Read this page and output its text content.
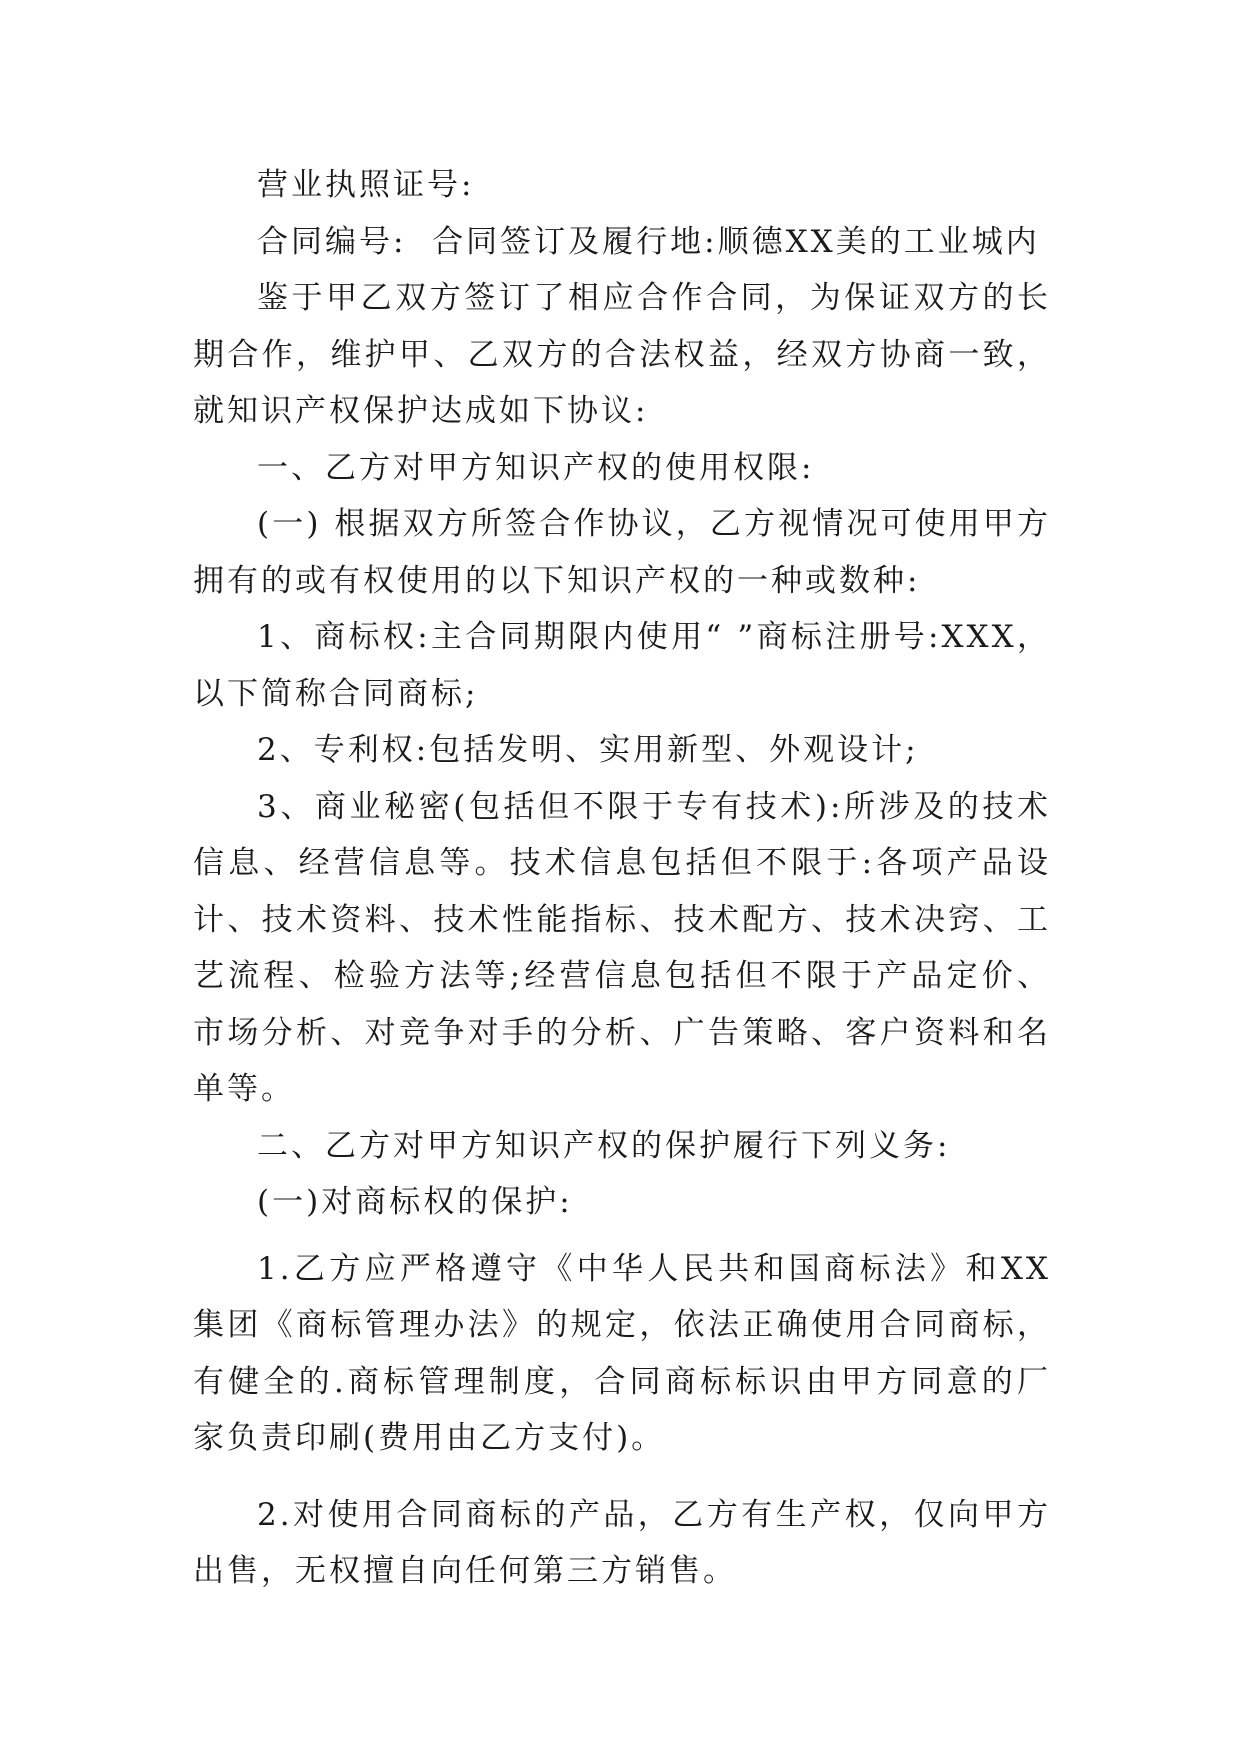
营业执照证号:

合同编号:  合同签订及履行地:顺德XX美的工业城内

鉴于甲乙双方签订了相应合作合同，为保证双方的长期合作，维护甲、乙双方的合法权益，经双方协商一致，就知识产权保护达成如下协议:

一、乙方对甲方知识产权的使用权限:

(一) 根据双方所签合作协议，乙方视情况可使用甲方拥有的或有权使用的以下知识产权的一种或数种:

1、商标权:主合同期限内使用“ ”商标注册号:XXX，以下简称合同商标;

2、专利权:包括发明、实用新型、外观设计;

3、商业秘密(包括但不限于专有技术):所涉及的技术信息、经营信息等。技术信息包括但不限于:各项产品设计、技术资料、技术性能指标、技术配方、技术决窍、工艺流程、检验方法等;经营信息包括但不限于产品定价、市场分析、对竞争对手的分析、广告策略、客户资料和名单等。

二、乙方对甲方知识产权的保护履行下列义务:

(一)对商标权的保护:

1.乙方应严格遵守《中华人民共和国商标法》和XX集团《商标管理办法》的规定，依法正确使用合同商标，有健全的.商标管理制度，合同商标标识由甲方同意的厂家负责印刷(费用由乙方支付)。

2.对使用合同商标的产品，乙方有生产权，仅向甲方出售，无权擅自向任何第三方销售。
